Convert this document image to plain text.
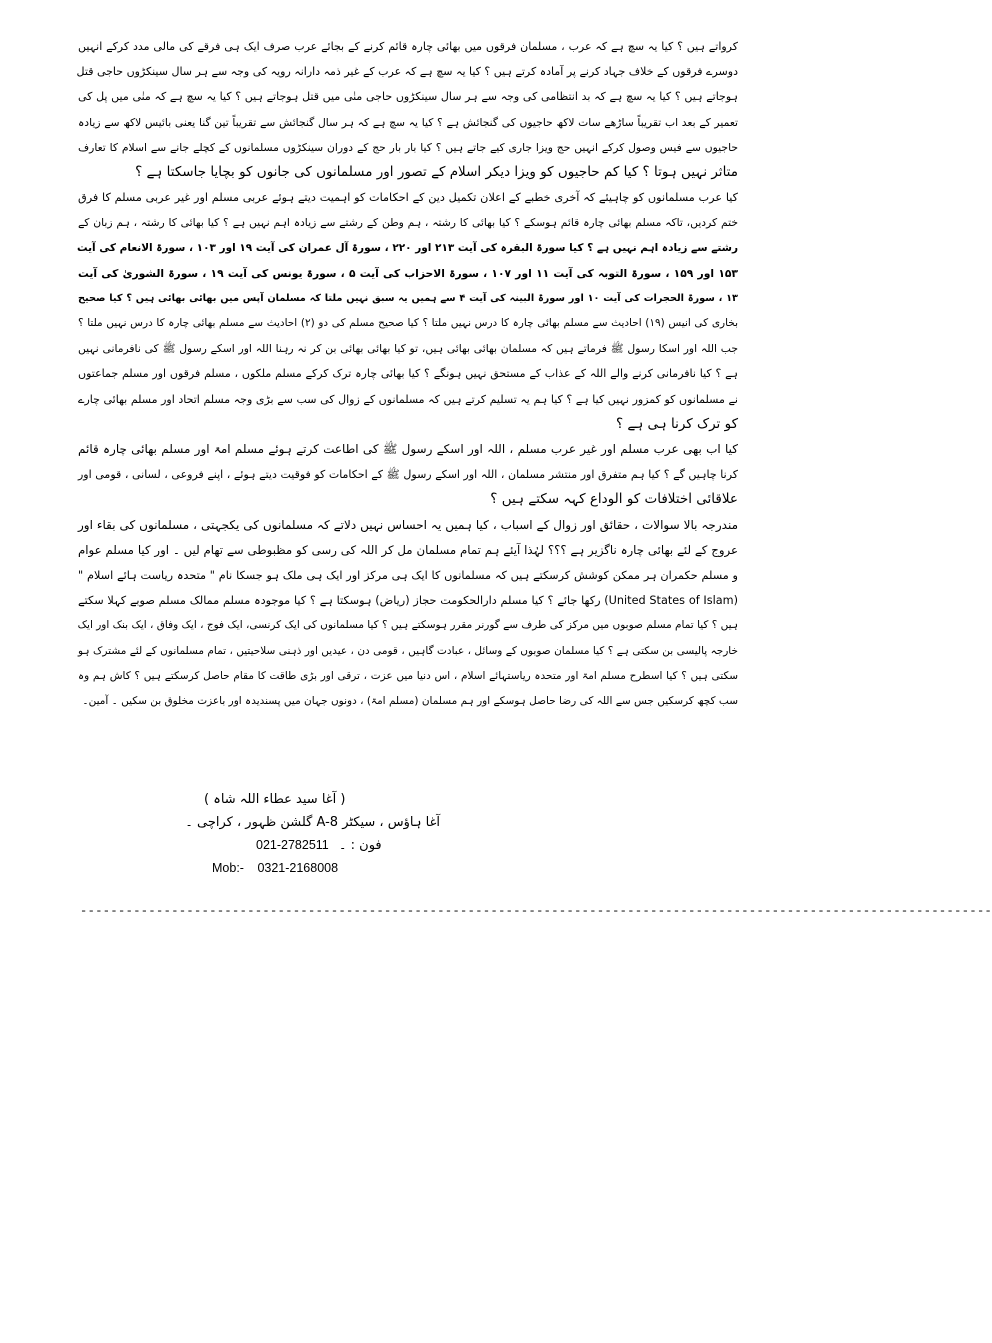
کرواتے ہیں ؟ کیا یہ سچ ہے کہ عرب ، مسلمان فرقوں میں بھائی چارہ قائم کرنے کے بجائے عرب صرف ایک ہی فرقے کی مالی مدد کرکے انہیں
دوسرے فرقوں کے خلاف جہاد کرنے پر آمادہ کرتے ہیں ؟ کیا یہ سچ ہے کہ عرب کے غیر ذمہ دارانہ رویہ کی وجہ سے ہر سال سینکڑوں حاجی قتل
ہوجاتے ہیں ؟ کیا یہ سچ ہے کہ بد انتظامی کی وجہ سے ہر سال سینکڑوں حاجی منٰی میں قتل ہوجاتے ہیں ؟ کیا یہ سچ ہے کہ منٰی میں پل کی
تعمیر کے بعد اب تقریباً ساڑھے سات لاکھ حاجیوں کی گنجائش ہے ؟ کیا یہ سچ ہے کہ ہر سال گنجائش سے تقریباً تین گنا یعنی بائیس لاکھ سے زیادہ
حاجیوں سے فیس وصول کرکے انہیں حج ویزا جاری کیے جاتے ہیں ؟ کیا بار بار حج کے دوران سینکڑوں مسلمانوں کے کچلے جانے سے اسلام کا تعارف
متاثر نہیں ہوتا ؟ کیا کم حاجیوں کو ویزا دیکر اسلام کے تصور اور مسلمانوں کی جانوں کو بچایا جاسکتا ہے ؟
کیا عرب مسلمانوں کو چاہیئے کہ آخری خطبے کے اعلان تکمیل دین کے احکامات کو اہمیت دیتے ہوئے عربی مسلم اور غیر عربی مسلم کا فرق
ختم کردیں، تاکہ مسلم بھائی چارہ قائم ہوسکے ؟ کیا بھائی کا رشتہ ، ہم وطن کے رشتے سے زیادہ اہم نہیں ہے ؟ کیا بھائی کا رشتہ ، ہم زبان کے
رشتے سے زیادہ اہم نہیں ہے ؟ کیا سورۃ البقرہ کی آیت ۲۱۳ اور ۲۲۰ ، سورۃ آل عمران کی آیت ۱۹ اور ۱۰۳ ، سورۃ الانعام کی آیت
۱۵۳ اور ۱۵۹ ، سورۃ التوبہ کی آیت ۱۱ اور ۱۰۷ ، سورۃ الاحزاب کی آیت ۵ ، سورۃ یونس کی آیت ۱۹ ، سورۃ الشوریٰ کی آیت
۱۳ ، سورۃ الحجرات کی آیت ۱۰ اور سورۃ البینہ کی آیت ۴ سے ہمیں یہ سبق نہیں ملتا کہ مسلمان آپس میں بھائی بھائی ہیں ؟ کیا صحیح
بخاری کی انیس (۱۹) احادیث سے مسلم بھائی چارہ کا درس نہیں ملتا ؟ کیا صحیح مسلم کی دو (۲) احادیث سے مسلم بھائی چارہ کا درس نہیں ملتا ؟
جب اللہ اور اسکا رسول ﷺ فرماتے ہیں کہ مسلمان بھائی بھائی ہیں، تو کیا بھائی بھائی بن کر نہ رہنا اللہ اور اسکے رسول ﷺ کی نافرمانی نہیں
ہے ؟ کیا نافرمانی کرنے والے اللہ کے عذاب کے مستحق نہیں ہونگے ؟ کیا بھائی چارہ ترک کرکے مسلم ملکوں ، مسلم فرقوں اور مسلم جماعتوں
نے مسلمانوں کو کمزور نہیں کیا ہے ؟ کیا ہم یہ تسلیم کرتے ہیں کہ مسلمانوں کے زوال کی سب سے بڑی وجہ مسلم اتحاد اور مسلم بھائی چارے
کو ترک کرنا ہی ہے ؟
کیا اب بھی عرب مسلم اور غیر عرب مسلم ، اللہ اور اسکے رسول ﷺ کی اطاعت کرتے ہوئے مسلم امۃ اور مسلم بھائی چارہ قائم
کرنا چاہیں گے ؟ کیا ہم متفرق اور منتشر مسلمان ، اللہ اور اسکے رسول ﷺ کے احکامات کو فوقیت دیتے ہوئے ، اپنے فروعی ، لسانی ، قومی اور
علاقائی اختلافات کو الوداع کہہ سکتے ہیں ؟
مندرجہ بالا سوالات ، حقائق اور زوال کے اسباب ، کیا ہمیں یہ احساس نہیں دلاتے کہ مسلمانوں کی یکجہتی ، مسلمانوں کی بقاء اور
عروج کے لئے بھائی چارہ ناگزیر ہے ؟؟؟ لہٰذا آیئے ہم تمام مسلمان مل کر اللہ کی رسی کو مظبوطی سے تھام لیں ۔ اور کیا مسلم عوام
و مسلم حکمران ہر ممکن کوشش کرسکتے ہیں کہ مسلمانوں کا ایک ہی مرکز اور ایک ہی ملک ہو جسکا نام " متحدہ ریاست ہائے اسلام "
(United States of Islam) رکھا جائے ؟ کیا مسلم دارالحکومت حجاز (ریاض) ہوسکتا ہے ؟ کیا موجودہ مسلم ممالک مسلم صوبے کہلا سکتے
ہیں ؟ کیا تمام مسلم صوبوں میں مرکز کی طرف سے گورنر مقرر ہوسکتے ہیں ؟ کیا مسلمانوں کی ایک کرنسی، ایک فوج ، ایک وفاق ، ایک بنک اور ایک
خارجہ پالیسی بن سکتی ہے ؟ کیا مسلمان صوبوں کے وسائل ، عبادت گاہیں ، قومی دن ، عیدیں اور ذہنی سلاحیتیں ، تمام مسلمانوں کے لئے مشترک ہو
سکتی ہیں ؟ کیا اسطرح مسلم امۃ اور متحدہ ریاستہائے اسلام ، اس دنیا میں عزت ، ترقی اور بڑی طاقت کا مقام حاصل کرسکتے ہیں ؟ کاش ہم وہ
سب کچھ کرسکیں جس سے اللہ کی رضا حاصل ہوسکے اور ہم مسلمان (مسلم امۃ) ، دونوں جہان میں پسندیدہ اور باعزت مخلوق بن سکیں ۔ آمین۔
( آغا سید عطاء اللہ شاہ )
آغا ہاؤس ، سیکٹر A-8 گلشن ظہور ، کراچی ۔
021-2782511 فون : ۔
Mob:- 0321-2168008
------------------------------------------------------------------------------------------------------------------------
